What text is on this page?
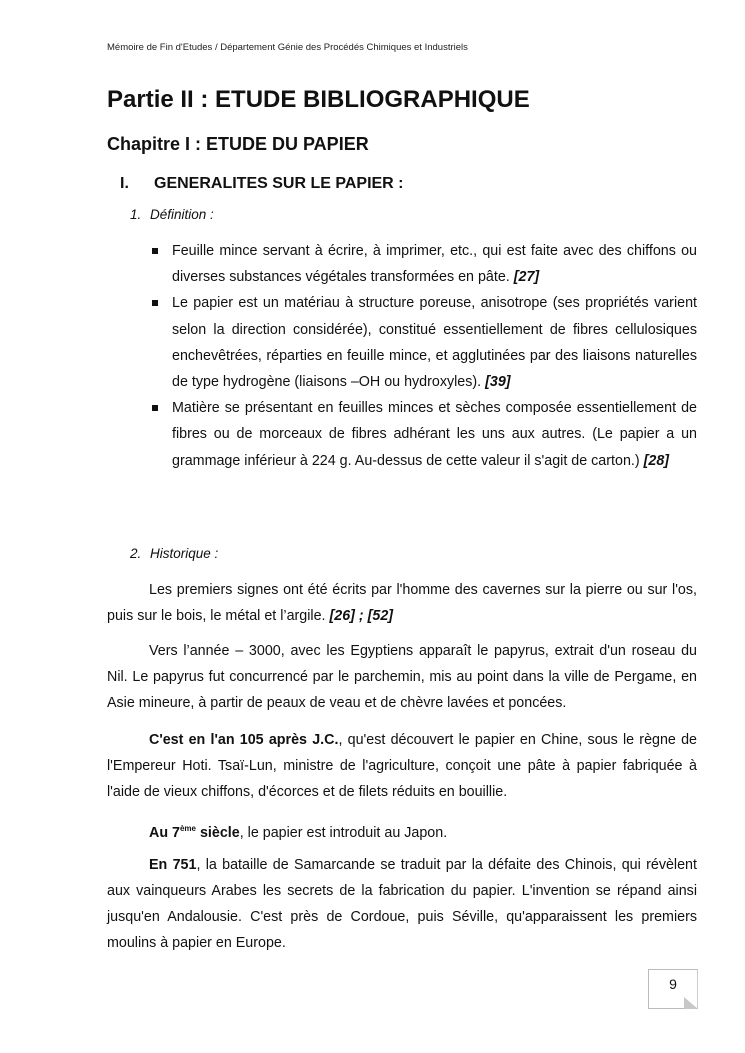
Mémoire de Fin d'Etudes / Département Génie des Procédés Chimiques et Industriels
Partie II : ETUDE BIBLIOGRAPHIQUE
Chapitre I : ETUDE DU PAPIER
I. GENERALITES SUR LE PAPIER :
1. Définition :
Feuille mince servant à écrire, à imprimer, etc., qui est faite avec des chiffons ou diverses substances végétales transformées en pâte. [27]
Le papier est un matériau à structure poreuse, anisotrope (ses propriétés varient selon la direction considérée), constitué essentiellement de fibres cellulosiques enchevêtrées, réparties en feuille mince, et agglutinées par des liaisons naturelles de type hydrogène (liaisons –OH ou hydroxyles). [39]
Matière se présentant en feuilles minces et sèches composée essentiellement de fibres ou de morceaux de fibres adhérant les uns aux autres. (Le papier a un grammage inférieur à 224 g. Au-dessus de cette valeur il s'agit de carton.) [28]
2. Historique :

Les premiers signes ont été écrits par l'homme des cavernes sur la pierre ou sur l'os, puis sur le bois, le métal et l’argile. [26] ; [52]

Vers l’année – 3000, avec les Egyptiens apparaît le papyrus, extrait d'un roseau du Nil. Le papyrus fut concurrencé par le parchemin, mis au point dans la ville de Pergame, en Asie mineure, à partir de peaux de veau et de chèvre lavées et poncées.

C'est en l'an 105 après J.C., qu'est découvert le papier en Chine, sous le règne de l'Empereur Hoti. Tsaï-Lun, ministre de l'agriculture, conçoit une pâte à papier fabriquée à l'aide de vieux chiffons, d'écorces et de filets réduits en bouillie.

Au 7ème siècle, le papier est introduit au Japon.

En 751, la bataille de Samarcande se traduit par la défaite des Chinois, qui révèlent aux vainqueurs Arabes les secrets de la fabrication du papier. L'invention se répand ainsi jusqu'en Andalousie. C'est près de Cordoue, puis Séville, qu'apparaissent les premiers moulins à papier en Europe.

9
